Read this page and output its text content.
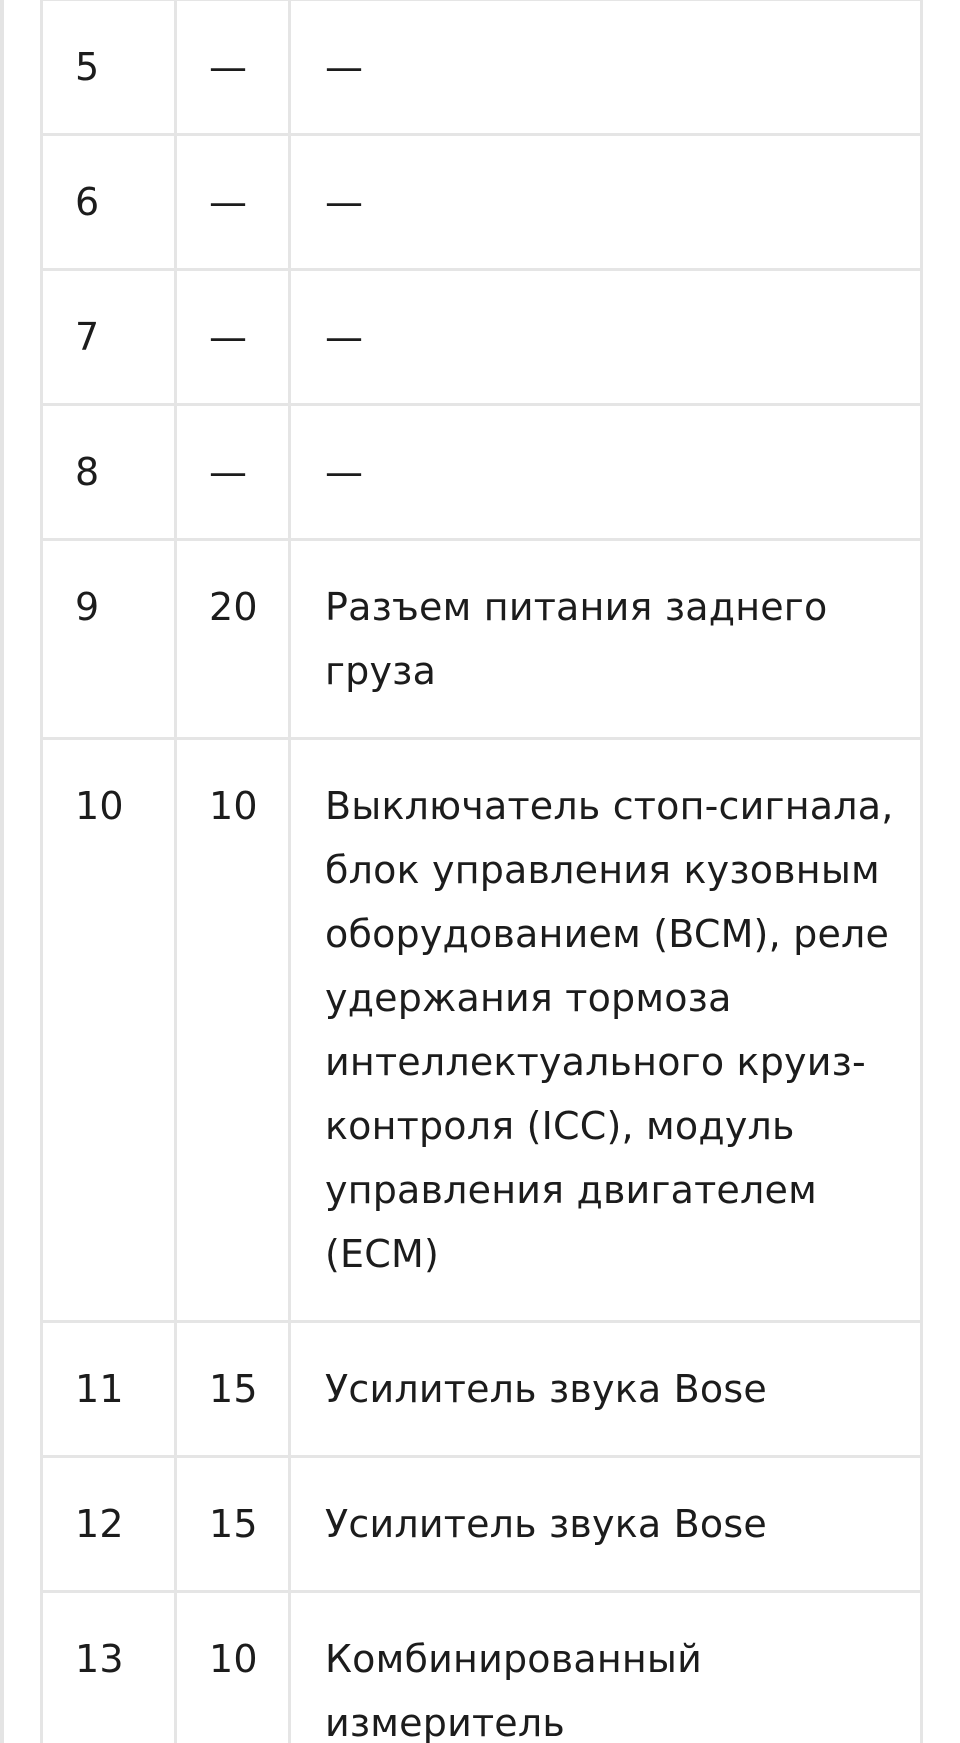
5	—	—
6	—	—
7	—	—
8	—	—
9	20	Разъем питания заднего груза
10	10	Выключатель стоп-сигнала, блок управления кузовным оборудованием (BCM), реле удержания тормоза интеллектуального круиз-контроля (ICC), модуль управления двигателем (ECM)
11	15	Усилитель звука Bose
12	15	Усилитель звука Bose
13	10	Комбинированный измеритель
